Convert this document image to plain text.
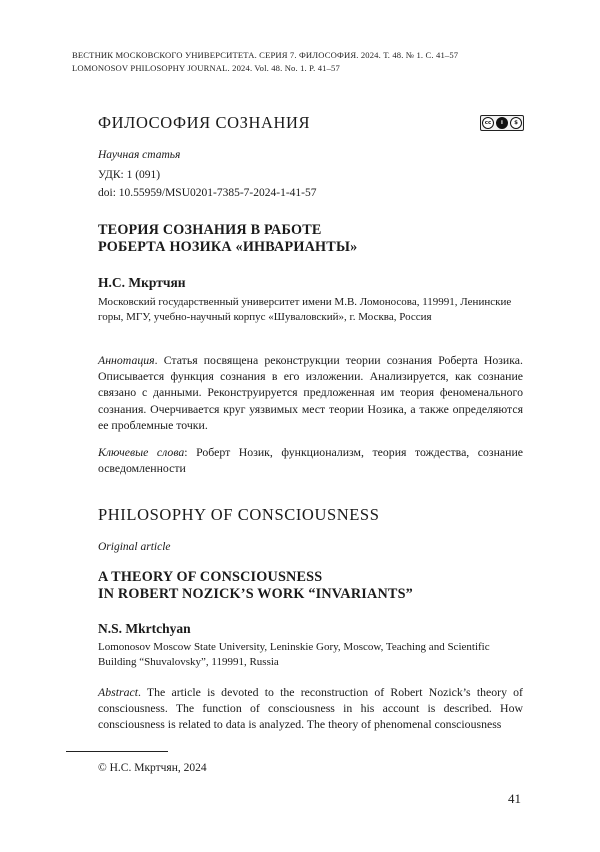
ВЕСТНИК МОСКОВСКОГО УНИВЕРСИТЕТА. СЕРИЯ 7. ФИЛОСОФИЯ. 2024. Т. 48. № 1. С. 41–57
LOMONOSOV PHILOSOPHY JOURNAL. 2024. Vol. 48. No. 1. P. 41–57
ФИЛОСОФИЯ СОЗНАНИЯ	cc	i	$
Научная статья
УДК: 1 (091)
doi: 10.55959/MSU0201-7385-7-2024-1-41-57
ТЕОРИЯ СОЗНАНИЯ В РАБОТЕ
РОБЕРТА НОЗИКА «ИНВАРИАНТЫ»
Н.С. Мкртчян
Московский государственный университет имени М.В. Ломоносова, 119991, Ленинские горы, МГУ, учебно-научный корпус «Шуваловский», г. Москва, Россия
Аннотация. Статья посвящена реконструкции теории сознания Роберта Нозика. Описывается функция сознания в его изложении. Анализируется, как сознание связано с данными. Реконструируется предложенная им теория феноменального сознания. Очерчивается круг уязвимых мест теории Нозика, а также определяются ее проблемные точки.
Ключевые слова: Роберт Нозик, функционализм, теория тождества, сознание осведомленности
PHILOSOPHY OF CONSCIOUSNESS
Original article
A THEORY OF CONSCIOUSNESS
IN ROBERT NOZICK’S WORK “INVARIANTS”
N.S. Mkrtchyan
Lomonosov Moscow State University, Leninskie Gory, Moscow, Teaching and Scientific Building “Shuvalovsky”, 119991, Russia
Abstract. The article is devoted to the reconstruction of Robert Nozick’s theory of consciousness. The function of consciousness in his account is described. How consciousness is related to data is analyzed. The theory of phenomenal consciousness
© Н.С. Мкртчян, 2024
41
